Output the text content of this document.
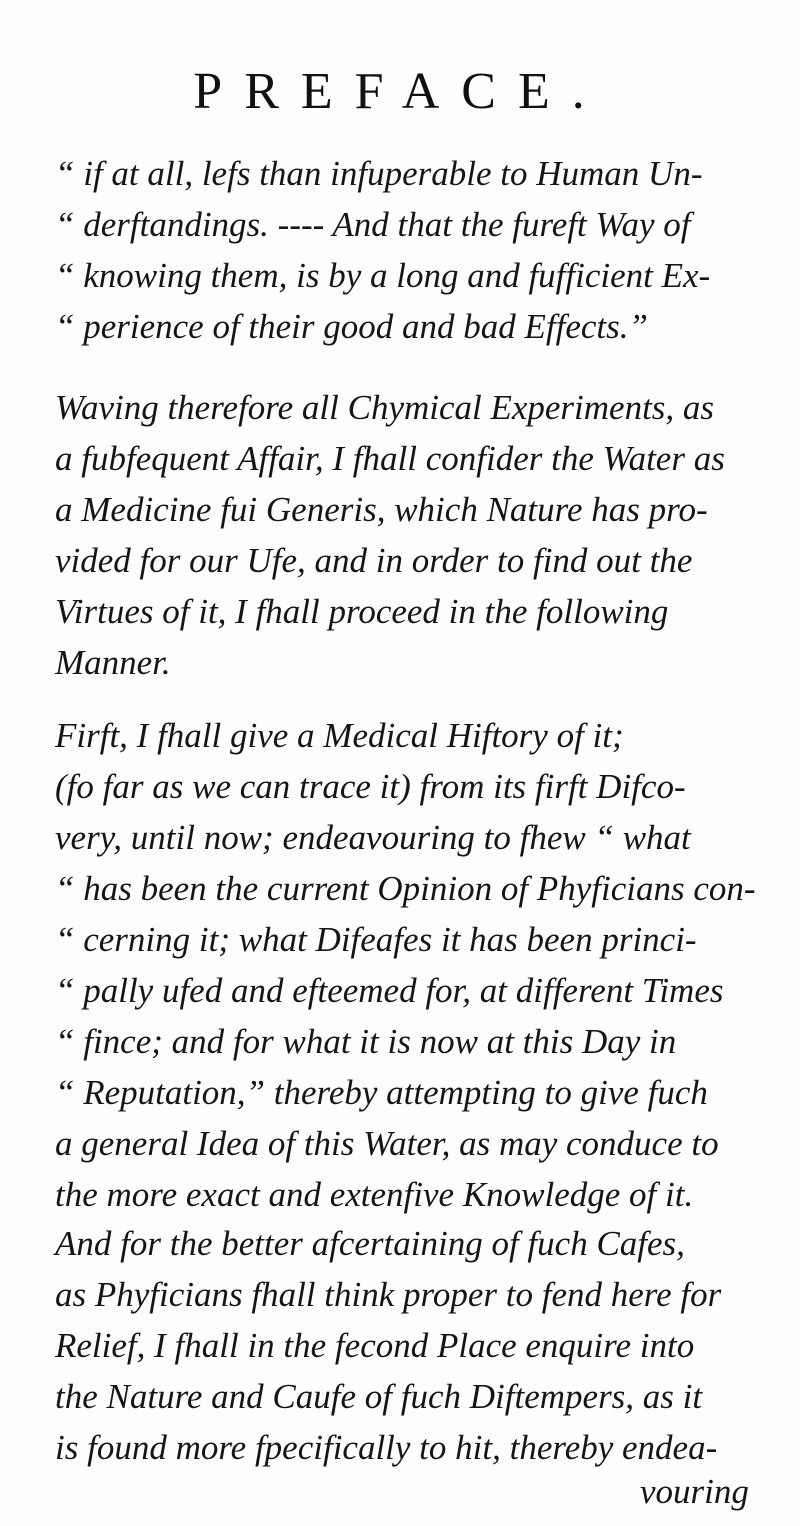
PREFACE.
“ if at all, lefs than infuperable to Human Un-
“ derftandings. ---- And that the fureft Way of
“ knowing them, is by a long and fufficient Ex-
“ perience of their good and bad Effects.”
Waving therefore all Chymical Experiments, as
a fubfequent Affair, I fhall confider the Water as
a Medicine fui Generis, which Nature has pro-
vided for our Ufe, and in order to find out the
Virtues of it, I fhall proceed in the following
Manner.
Firft, I fhall give a Medical Hiftory of it;
(fo far as we can trace it) from its firft Difco-
very, until now; endeavouring to fhew “ what
“ has been the current Opinion of Phyficians con-
“ cerning it; what Difeafes it has been princi-
“ pally ufed and efteemed for, at different Times
“ fince; and for what it is now at this Day in
“ Reputation,” thereby attempting to give fuch
a general Idea of this Water, as may conduce to
the more exact and extenfive Knowledge of it.
And for the better afcertaining of fuch Cafes,
as Phyficians fhall think proper to fend here for
Relief, I fhall in the fecond Place enquire into
the Nature and Caufe of fuch Diftempers, as it
is found more fpecifically to hit, thereby endea-
vouring
